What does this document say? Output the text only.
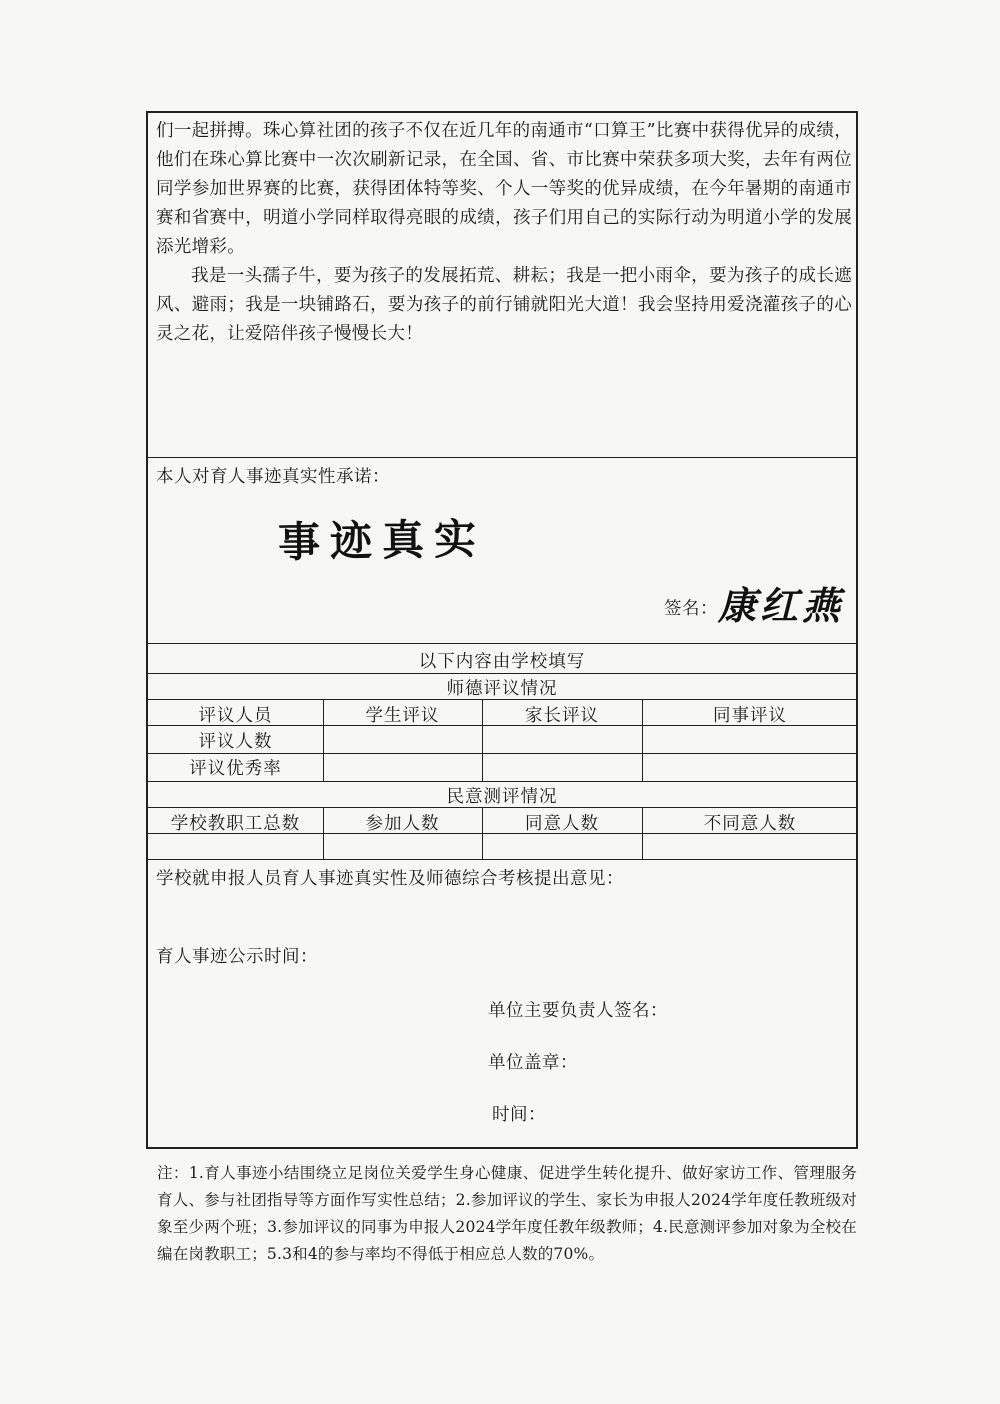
们一起拼搏。珠心算社团的孩子不仅在近几年的南通市“口算王”比赛中获得优异的成绩，他们在珠心算比赛中一次次刷新记录，在全国、省、市比赛中荣获多项大奖，去年有两位同学参加世界赛的比赛，获得团体特等奖、个人一等奖的优异成绩，在今年暑期的南通市赛和省赛中，明道小学同样取得亮眼的成绩，孩子们用自己的实际行动为明道小学的发展添光增彩。

我是一头孺子牛，要为孩子的发展拓荒、耕耘；我是一把小雨伞，要为孩子的成长遮风、避雨；我是一块铺路石，要为孩子的前行铺就阳光大道！我会坚持用爱浇灌孩子的心灵之花，让爱陪伴孩子慢慢长大！

本人对育人事迹真实性承诺：
事迹真实
签名： 康红燕
以下内容由学校填写
师德评议情况
评议人员	学生评议	家长评议	同事评议
评议人数
评议优秀率
民意测评情况
学校教职工总数	参加人数	同意人数	不同意人数
学校就申报人员育人事迹真实性及师德综合考核提出意见：
育人事迹公示时间：
单位主要负责人签名：
单位盖章：
时间：
注：1.育人事迹小结围绕立足岗位关爱学生身心健康、促进学生转化提升、做好家访工作、管理服务育人、参与社团指导等方面作写实性总结；2.参加评议的学生、家长为申报人2024学年度任教班级对象至少两个班；3.参加评议的同事为申报人2024学年度任教年级教师；4.民意测评参加对象为全校在编在岗教职工；5.3和4的参与率均不得低于相应总人数的70%。
